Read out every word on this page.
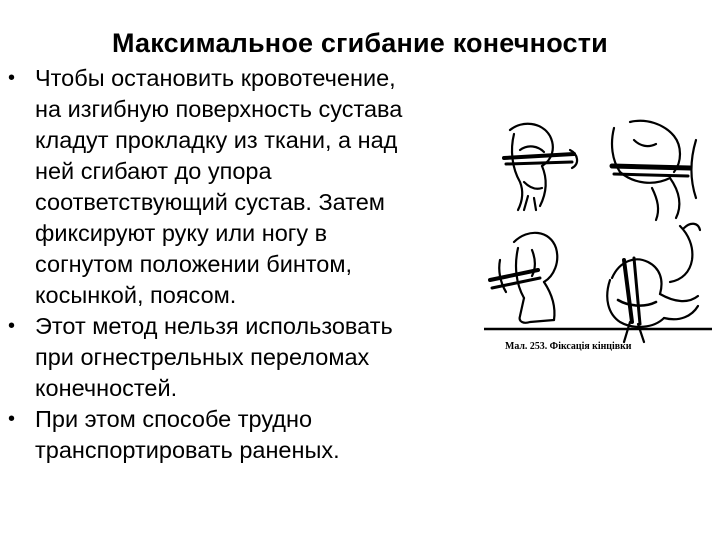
Максимальное сгибание конечности
• Чтобы остановить кровотечение,
на изгибную поверхность сустава
кладут прокладку из ткани, а над
ней сгибают до упора
соответствующий сустав. Затем
фиксируют руку или ногу в
согнутом положении бинтом,
косынкой, поясом.
• Этот метод нельзя использовать
при огнестрельных переломах
конечностей.
• При этом способе трудно
транспортировать раненых.
Мал. 253. Фіксація кінцівки
